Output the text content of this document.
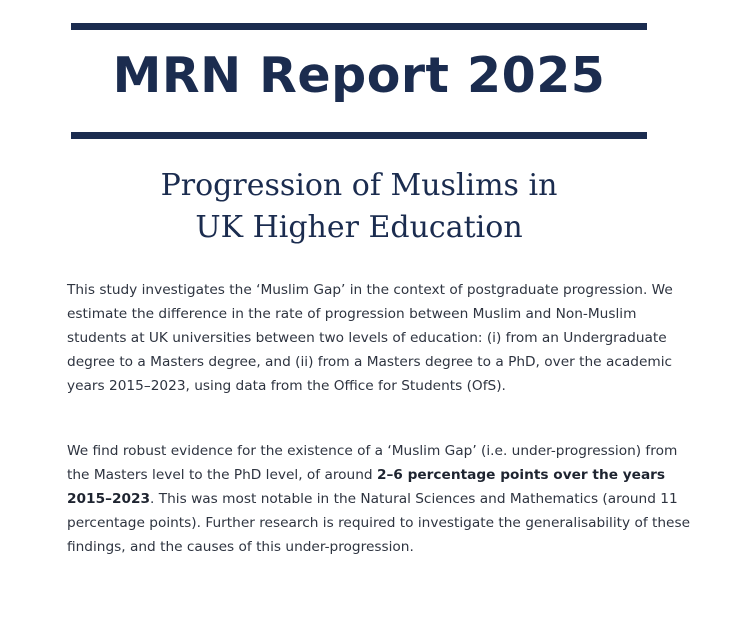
MRN Report 2025
Progression of Muslims in
UK Higher Education

This study investigates the ‘Muslim Gap’ in the context of postgraduate progression. We estimate the difference in the rate of progression between Muslim and Non-Muslim students at UK universities between two levels of education: (i) from an Undergraduate degree to a Masters degree, and (ii) from a Masters degree to a PhD, over the academic years 2015–2023, using data from the Office for Students (OfS).

We find robust evidence for the existence of a ‘Muslim Gap’ (i.e. under-progression) from the Masters level to the PhD level, of around 2–6 percentage points over the years 2015–2023. This was most notable in the Natural Sciences and Mathematics (around 11 percentage points). Further research is required to investigate the generalisability of these findings, and the causes of this under-progression.
